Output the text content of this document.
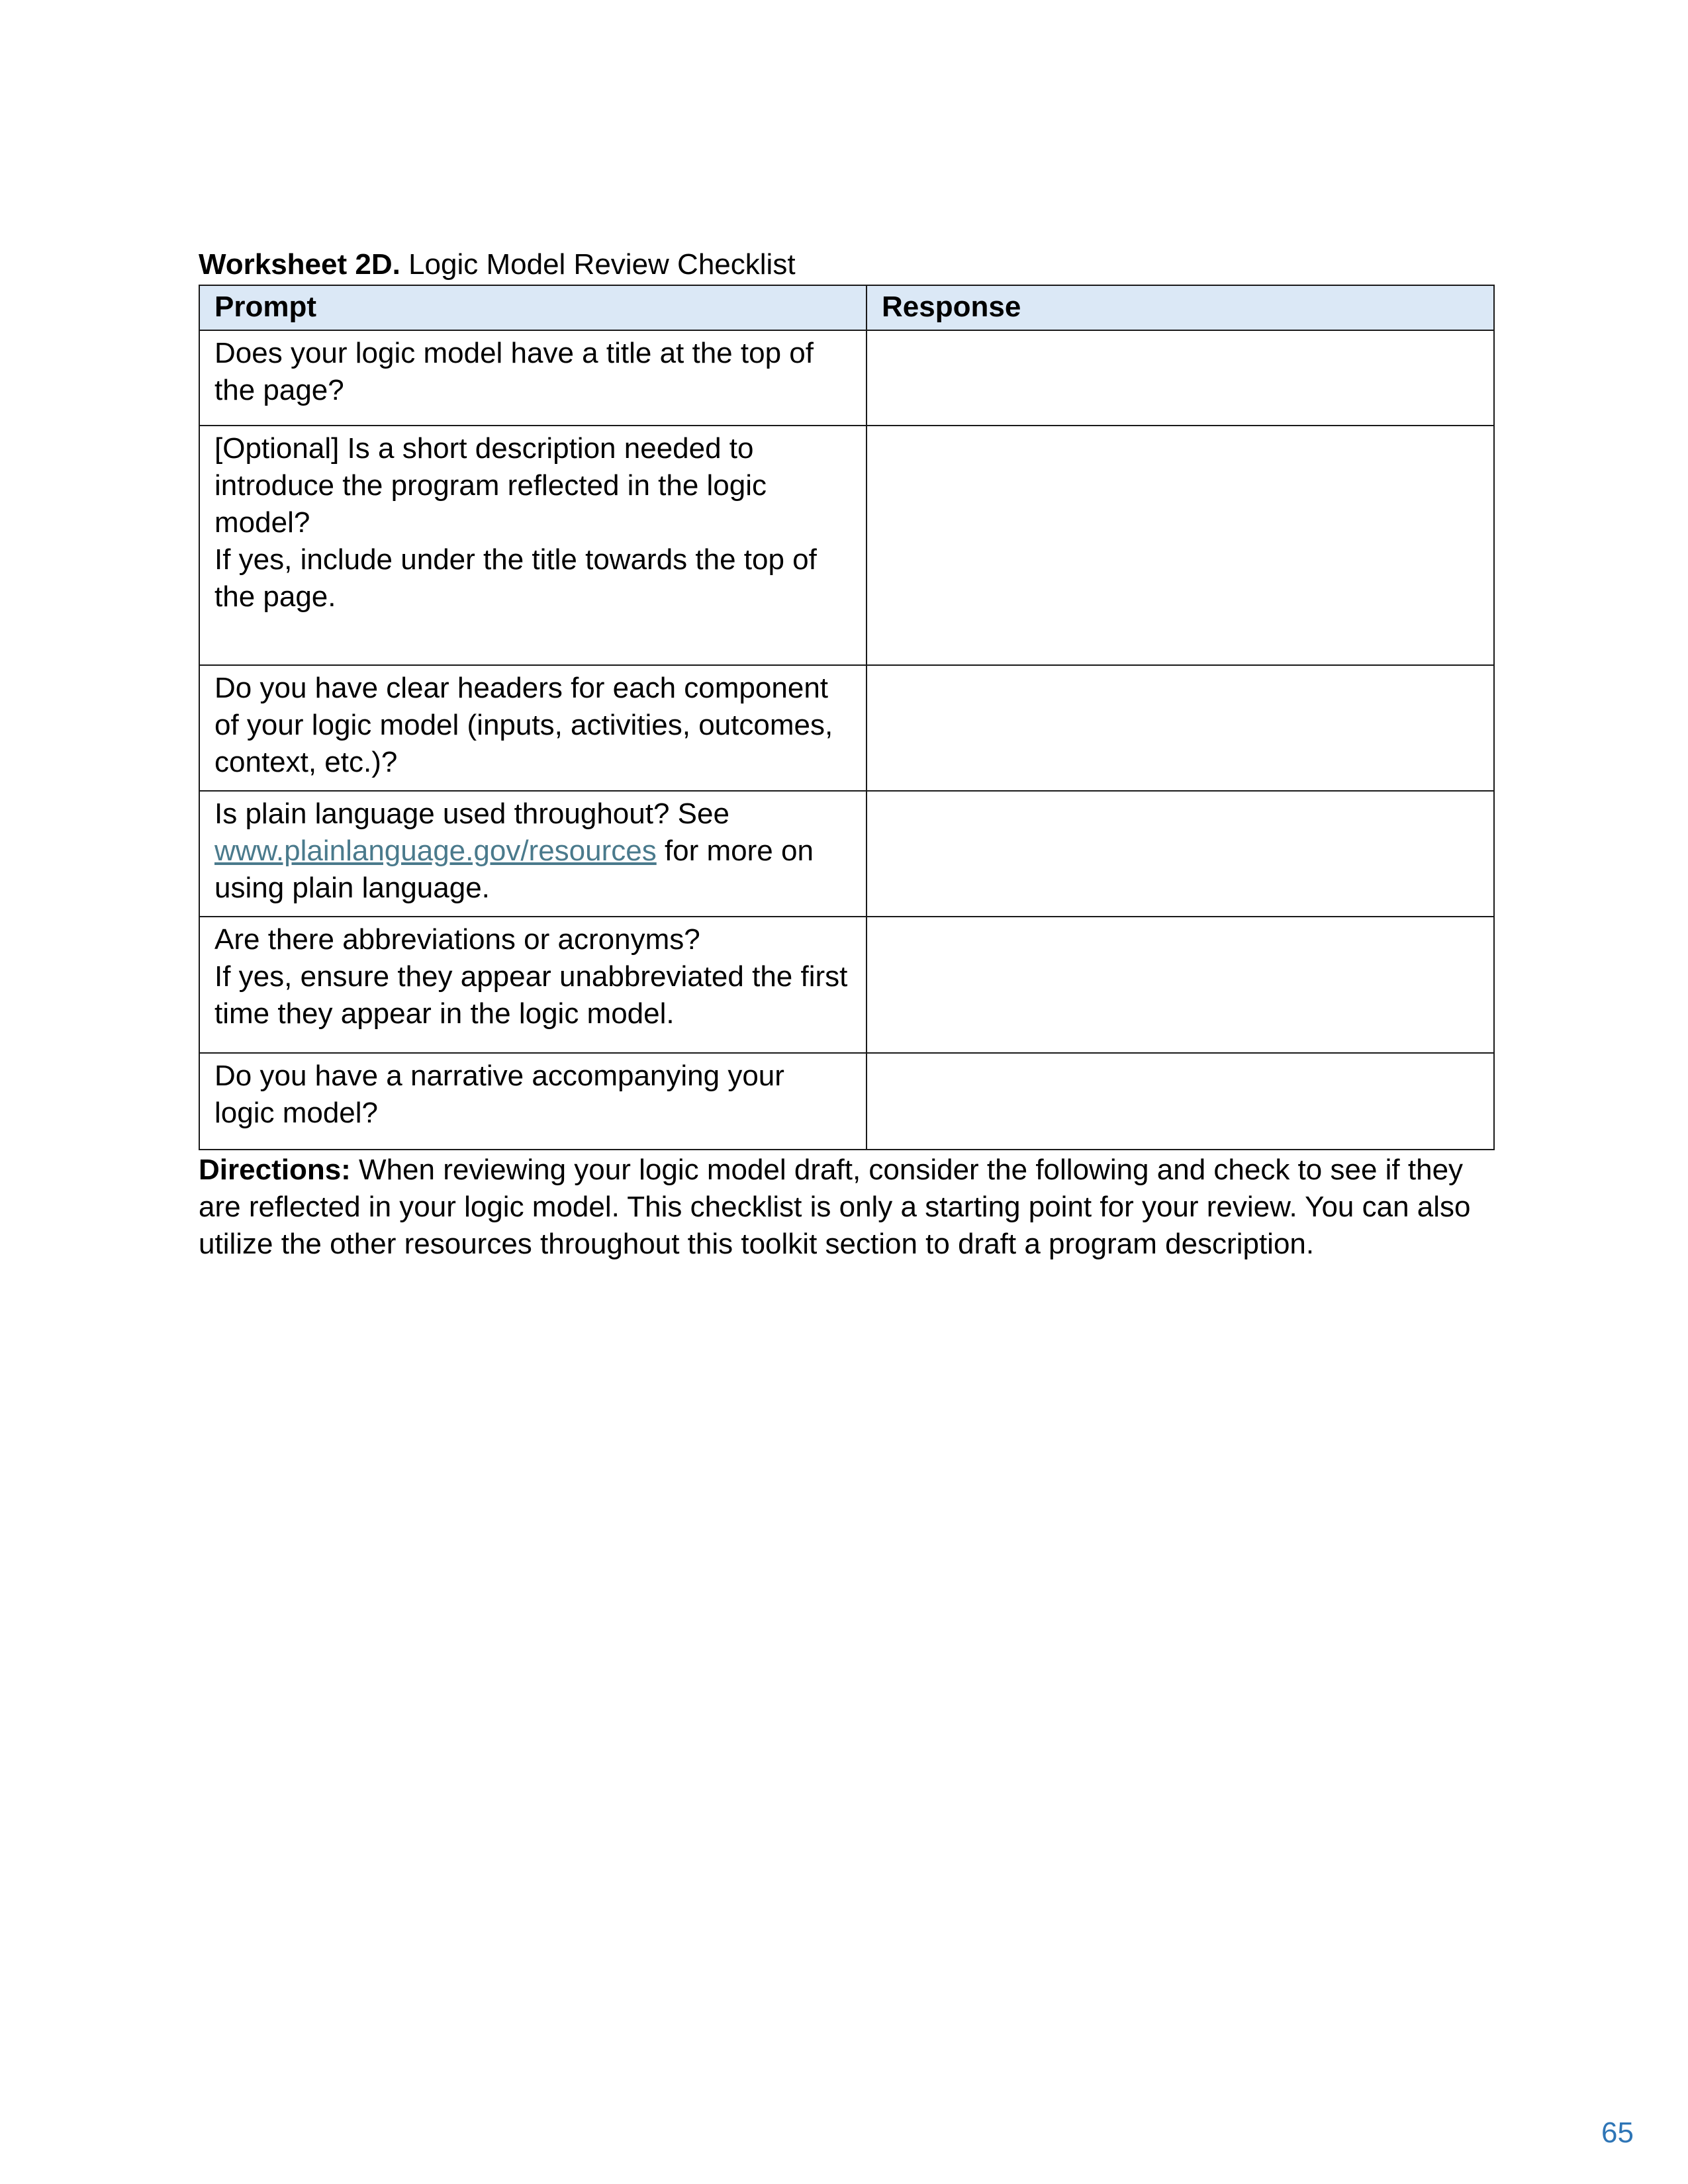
Worksheet 2D. Logic Model Review Checklist
Prompt	Response

Does your logic model have a title at the top of the page?	

[Optional] Is a short description needed to introduce the program reflected in the logic model?
If yes, include under the title towards the top of the page.	

Do you have clear headers for each component of your logic model (inputs, activities, outcomes, context, etc.)?	

Is plain language used throughout? See www.plainlanguage.gov/resources for more on using plain language.	

Are there abbreviations or acronyms?
If yes, ensure they appear unabbreviated the first time they appear in the logic model.	

Do you have a narrative accompanying your logic model?	

Directions: When reviewing your logic model draft, consider the following and check to see if they are reflected in your logic model. This checklist is only a starting point for your review. You can also utilize the other resources throughout this toolkit section to draft a program description.
65
